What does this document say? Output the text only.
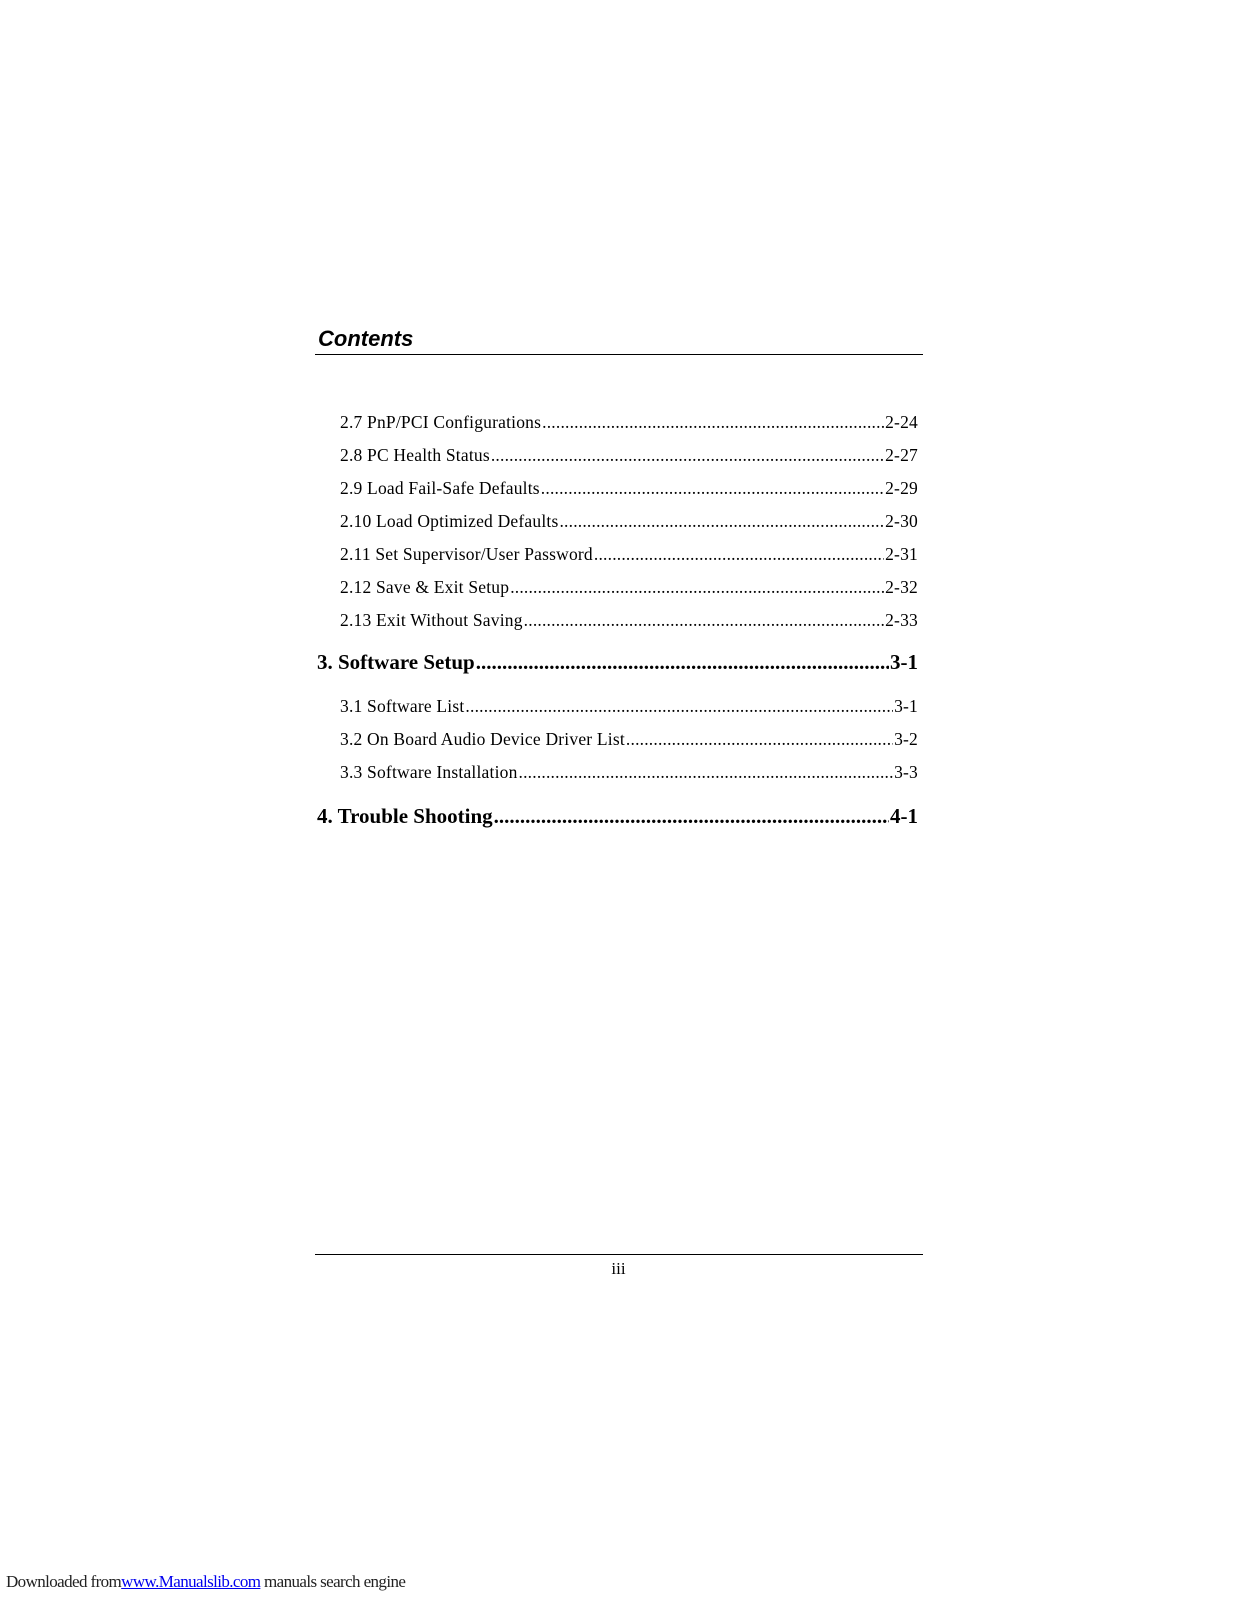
Contents
2.7 PnP/PCI Configurations .....	2-24
2.8 PC Health Status .....	2-27
2.9 Load Fail-Safe Defaults .....	2-29
2.10 Load Optimized Defaults .....	2-30
2.11 Set Supervisor/User Password .....	2-31
2.12 Save & Exit Setup .....	2-32
2.13 Exit Without Saving .....	2-33
3. Software Setup .....	3-1
3.1 Software List .....	3-1
3.2 On Board Audio Device Driver List .....	3-2
3.3 Software Installation .....	3-3
4. Trouble Shooting .....	4-1
iii
Downloaded fromwww.Manualslib.com manuals search engine
